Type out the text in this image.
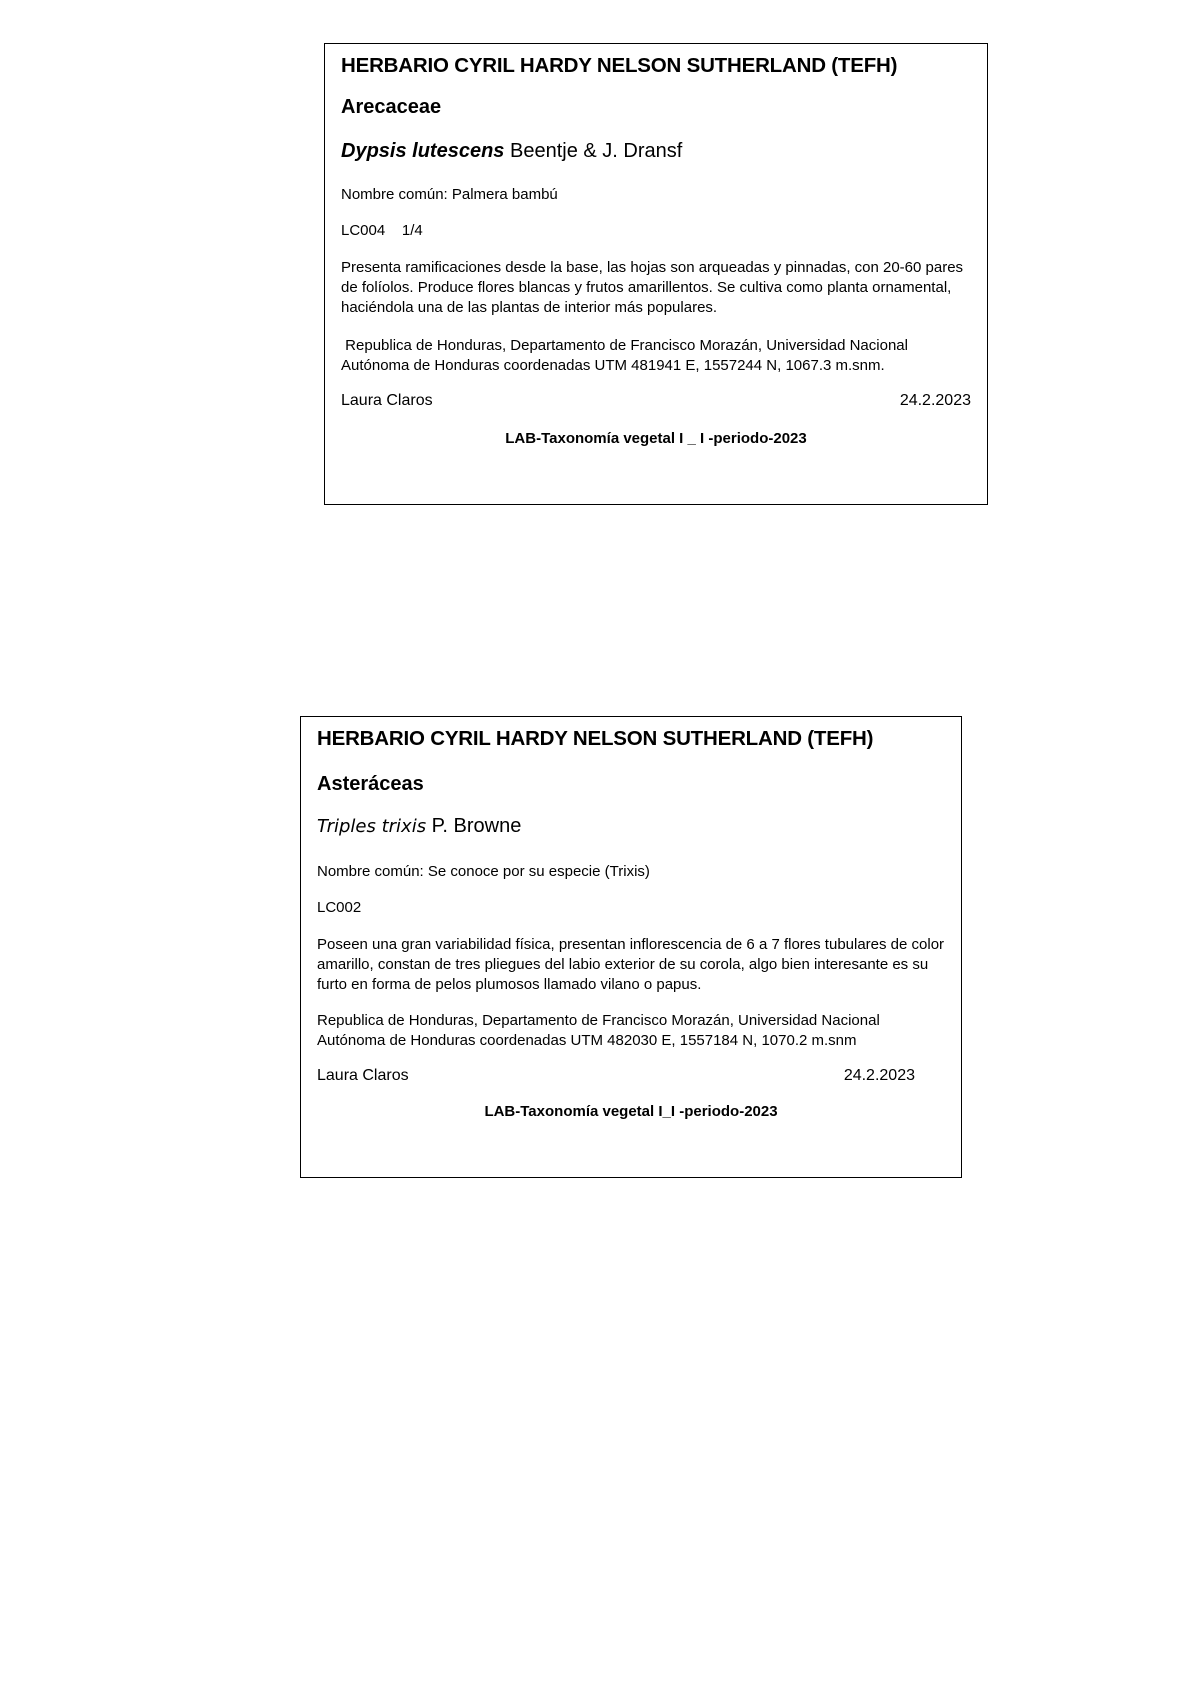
HERBARIO CYRIL HARDY NELSON SUTHERLAND (TEFH)

Arecaceae

Dypsis lutescens Beentje & J. Dransf

Nombre común: Palmera bambú

LC004    1/4

Presenta ramificaciones desde la base, las hojas son arqueadas y pinnadas, con 20-60 pares de folíolos. Produce flores blancas y frutos amarillentos. Se cultiva como planta ornamental, haciéndola una de las plantas de interior más populares.

Republica de Honduras, Departamento de Francisco Morazán, Universidad Nacional Autónoma de Honduras coordenadas UTM 481941 E, 1557244 N, 1067.3 m.snm.

Laura Claros	24.2.2023

LAB-Taxonomía vegetal I _ I -periodo-2023

HERBARIO CYRIL HARDY NELSON SUTHERLAND (TEFH)

Asteráceas

Triples trixis P. Browne

Nombre común: Se conoce por su especie (Trixis)

LC002

Poseen una gran variabilidad física, presentan inflorescencia de 6 a 7 flores tubulares de color amarillo, constan de tres pliegues del labio exterior de su corola, algo bien interesante es su furto en forma de pelos plumosos llamado vilano o papus.

Republica de Honduras, Departamento de Francisco Morazán, Universidad Nacional Autónoma de Honduras coordenadas UTM 482030 E, 1557184 N, 1070.2 m.snm

Laura Claros	24.2.2023

LAB-Taxonomía vegetal I_I -periodo-2023
